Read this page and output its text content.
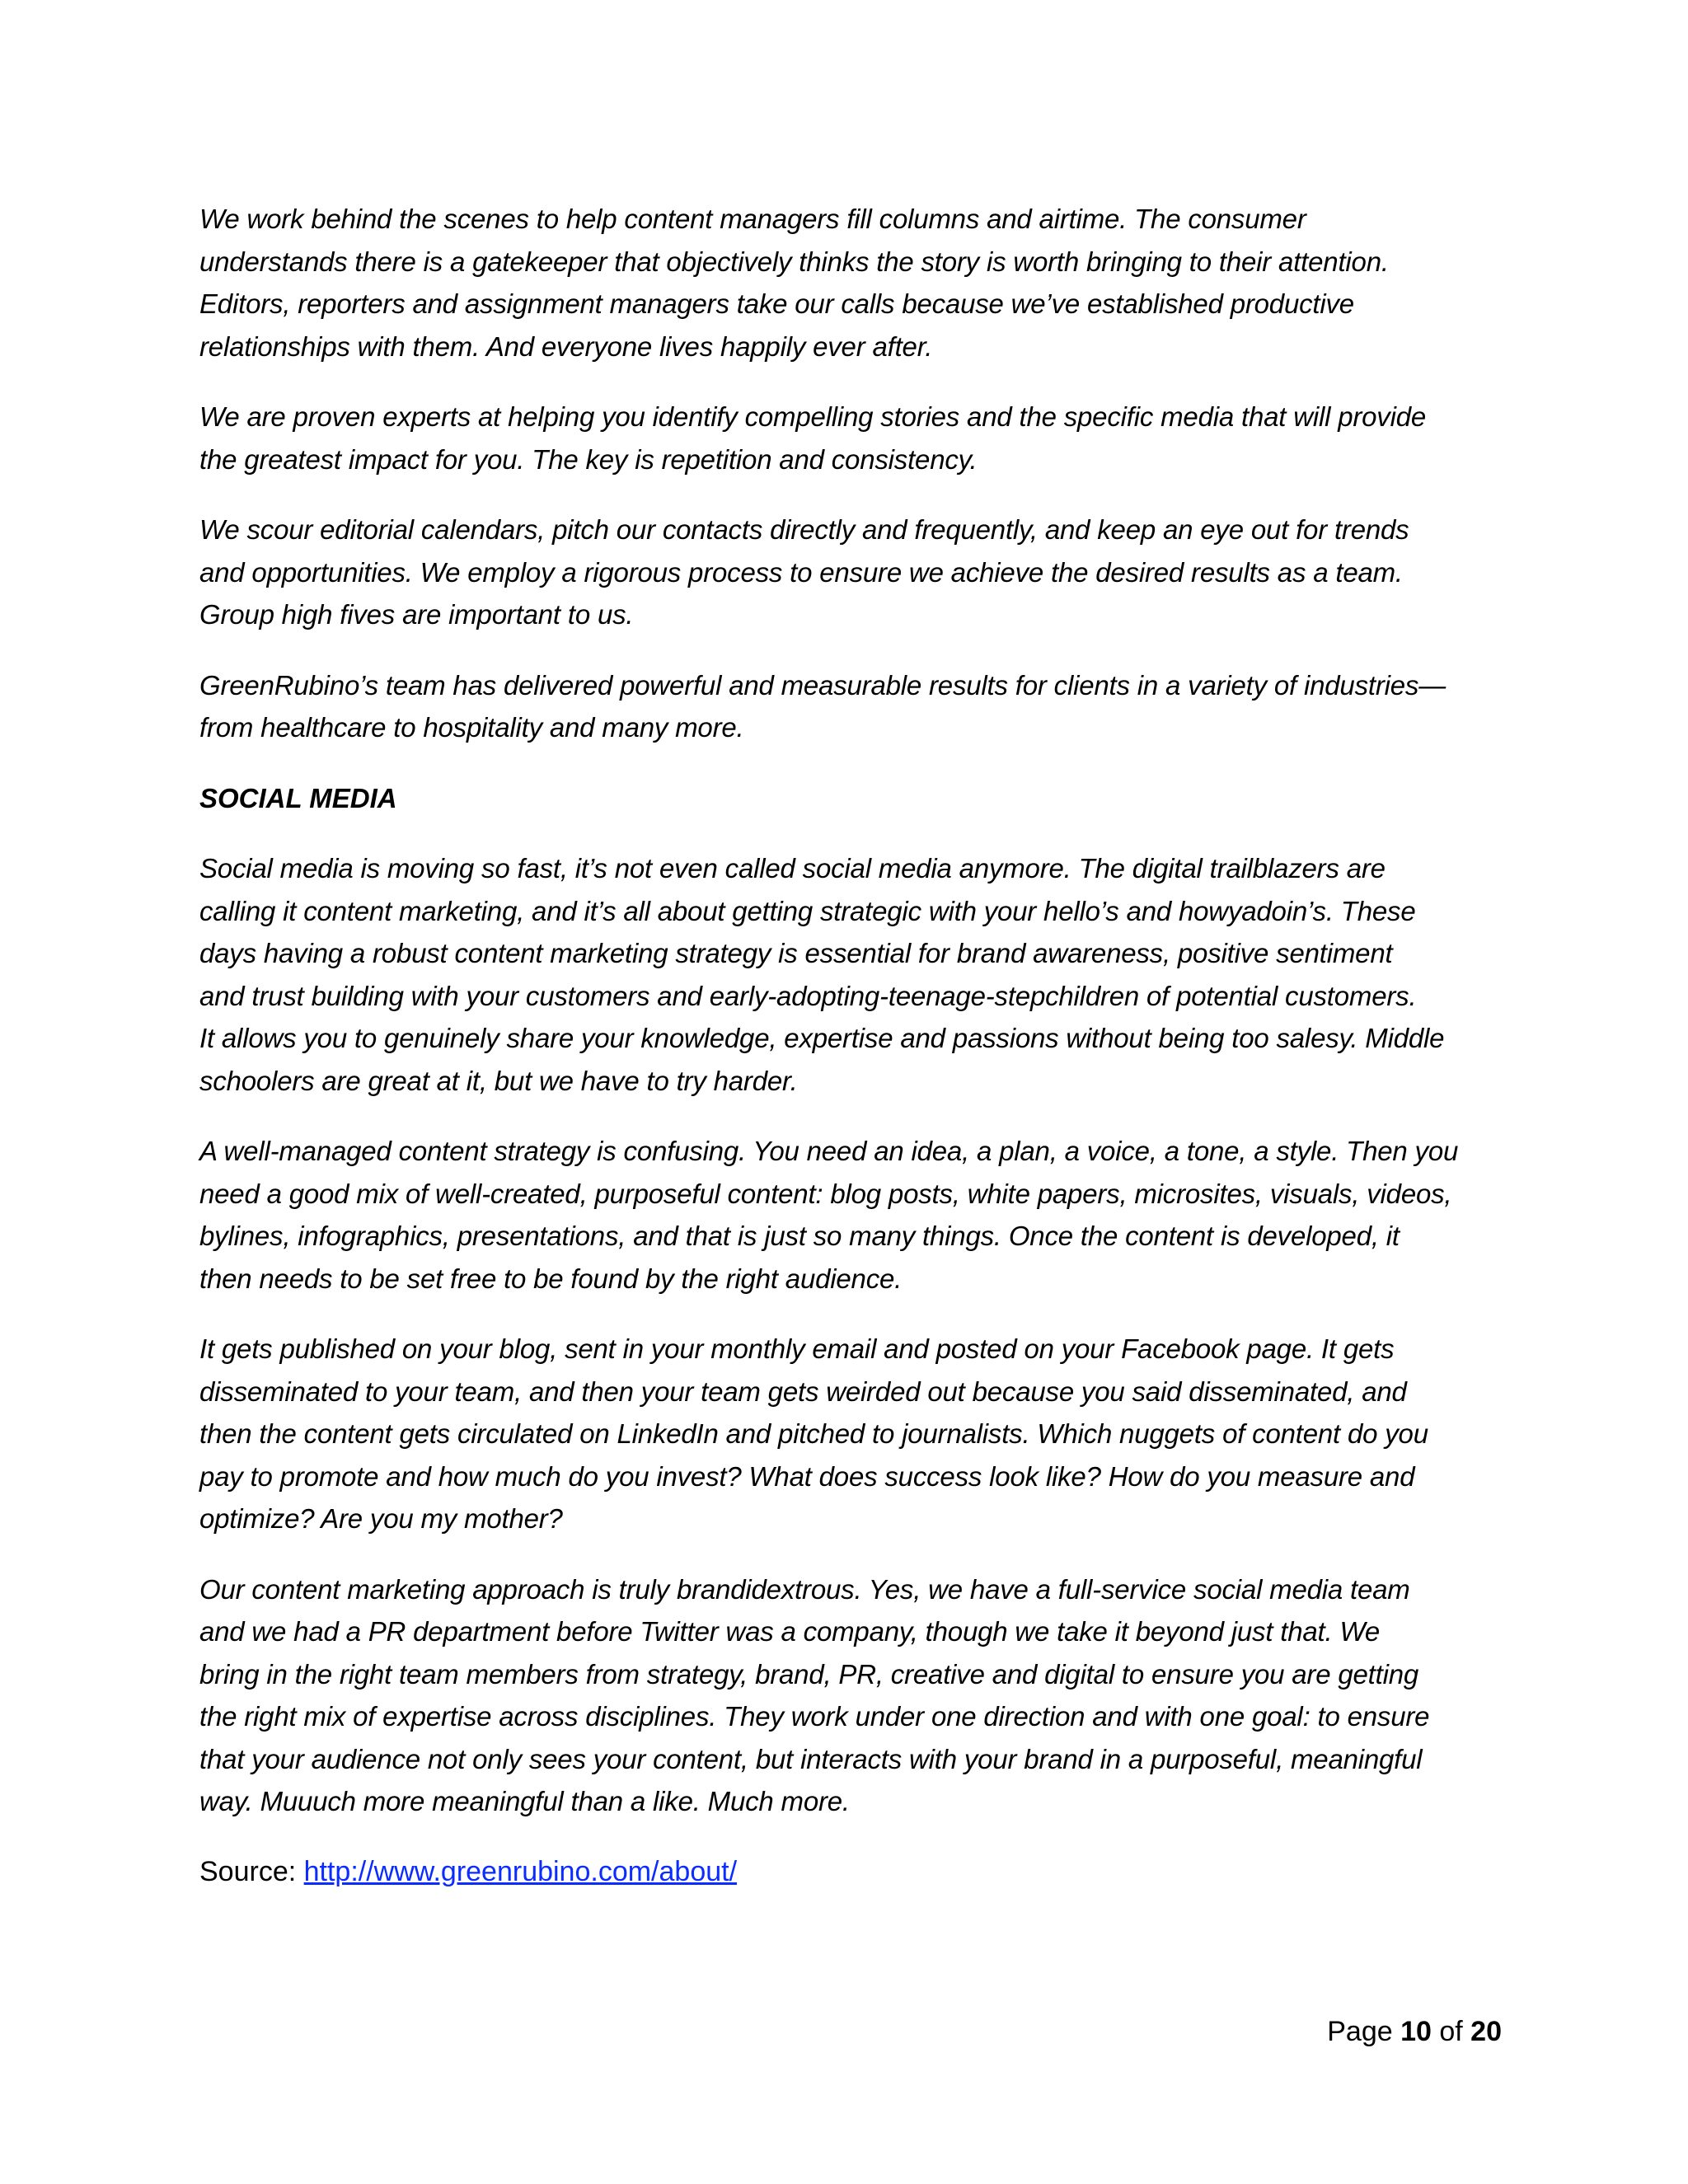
We work behind the scenes to help content managers fill columns and airtime. The consumer
understands there is a gatekeeper that objectively thinks the story is worth bringing to their attention.
Editors, reporters and assignment managers take our calls because we’ve established productive
relationships with them. And everyone lives happily ever after.

We are proven experts at helping you identify compelling stories and the specific media that will provide
the greatest impact for you. The key is repetition and consistency.

We scour editorial calendars, pitch our contacts directly and frequently, and keep an eye out for trends
and opportunities. We employ a rigorous process to ensure we achieve the desired results as a team.
Group high fives are important to us.

GreenRubino’s team has delivered powerful and measurable results for clients in a variety of industries—
from healthcare to hospitality and many more.

SOCIAL MEDIA

Social media is moving so fast, it’s not even called social media anymore. The digital trailblazers are
calling it content marketing, and it’s all about getting strategic with your hello’s and howyadoin’s. These
days having a robust content marketing strategy is essential for brand awareness, positive sentiment
and trust building with your customers and early-adopting-teenage-stepchildren of potential customers.
It allows you to genuinely share your knowledge, expertise and passions without being too salesy. Middle
schoolers are great at it, but we have to try harder.

A well-managed content strategy is confusing. You need an idea, a plan, a voice, a tone, a style. Then you
need a good mix of well-created, purposeful content: blog posts, white papers, microsites, visuals, videos,
bylines, infographics, presentations, and that is just so many things. Once the content is developed, it
then needs to be set free to be found by the right audience.

It gets published on your blog, sent in your monthly email and posted on your Facebook page. It gets
disseminated to your team, and then your team gets weirded out because you said disseminated, and
then the content gets circulated on LinkedIn and pitched to journalists. Which nuggets of content do you
pay to promote and how much do you invest? What does success look like? How do you measure and
optimize? Are you my mother?

Our content marketing approach is truly brandidextrous. Yes, we have a full-service social media team
and we had a PR department before Twitter was a company, though we take it beyond just that. We
bring in the right team members from strategy, brand, PR, creative and digital to ensure you are getting
the right mix of expertise across disciplines. They work under one direction and with one goal: to ensure
that your audience not only sees your content, but interacts with your brand in a purposeful, meaningful
way. Muuuch more meaningful than a like. Much more.

Source: http://www.greenrubino.com/about/

Page 10 of 20
